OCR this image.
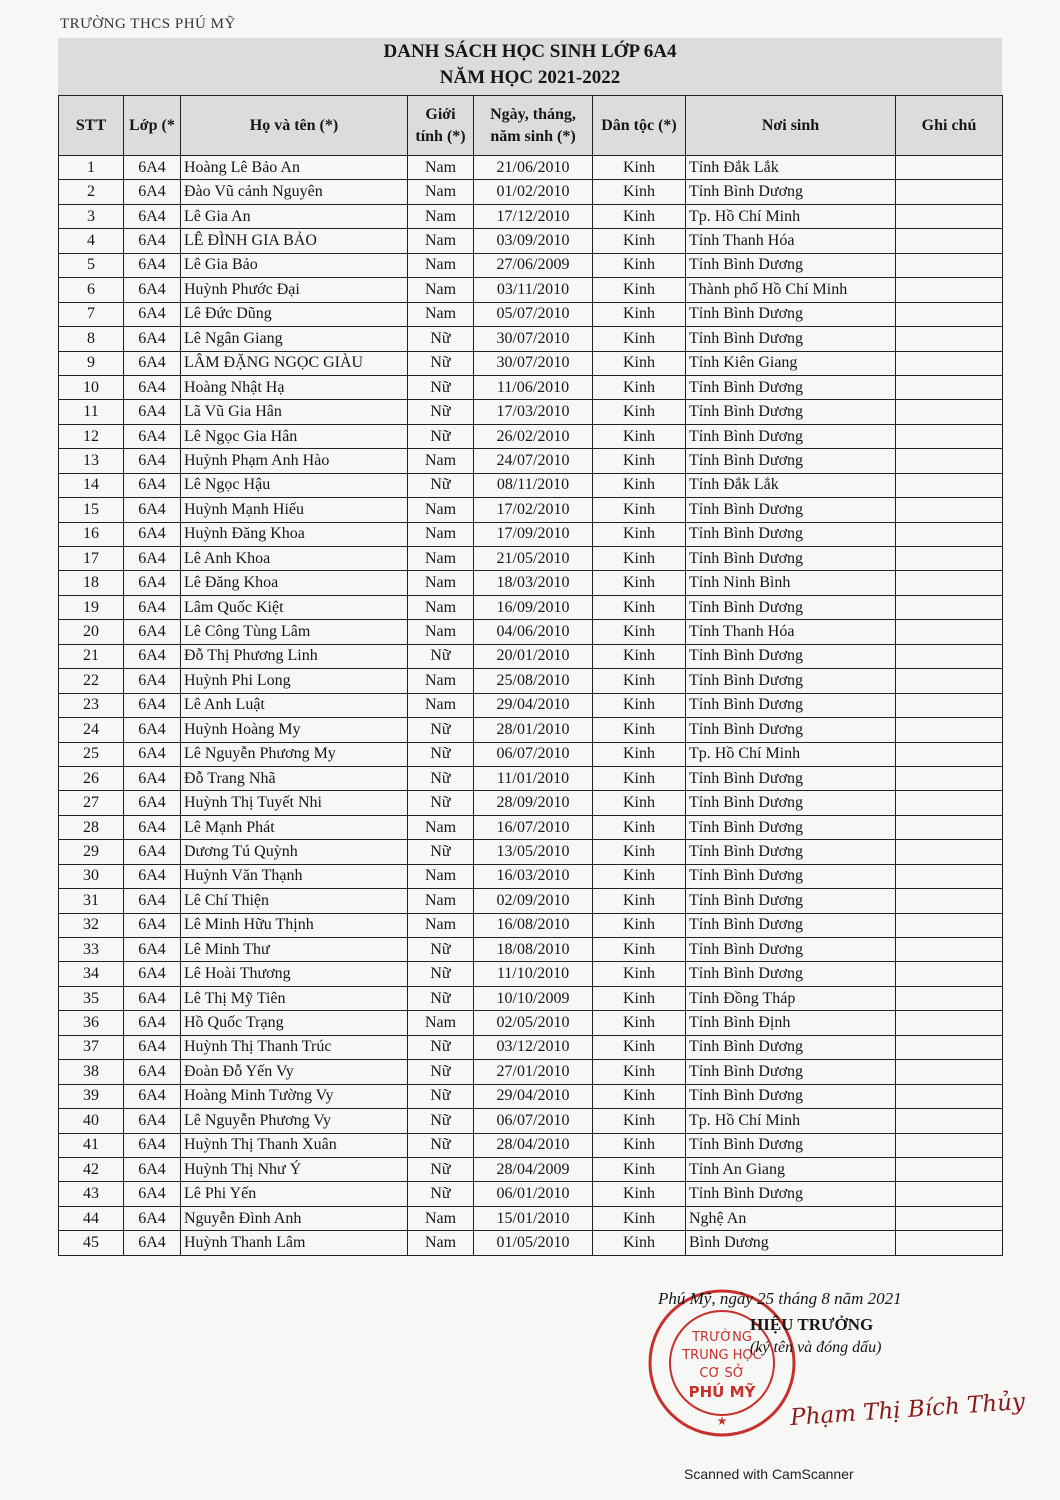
TRƯỜNG THCS PHÚ MỸ
DANH SÁCH HỌC SINH LỚP 6A4
NĂM HỌC 2021-2022
STT	Lớp (*	Họ và tên (*)	Giới tính (*)	Ngày, tháng, năm sinh (*)	Dân tộc (*)	Nơi sinh	Ghi chú
1	6A4	Hoàng Lê Bảo An	Nam	21/06/2010	Kinh	Tỉnh Đắk Lắk	
2	6A4	Đào Vũ cảnh Nguyên	Nam	01/02/2010	Kinh	Tỉnh Bình Dương	
3	6A4	Lê Gia An	Nam	17/12/2010	Kinh	Tp. Hồ Chí Minh	
4	6A4	LÊ ĐÌNH GIA BẢO	Nam	03/09/2010	Kinh	Tỉnh Thanh Hóa	
5	6A4	Lê Gia Bảo	Nam	27/06/2009	Kinh	Tỉnh Bình Dương	
6	6A4	Huỳnh Phước Đại	Nam	03/11/2010	Kinh	Thành phố Hồ Chí Minh	
7	6A4	Lê Đức Dũng	Nam	05/07/2010	Kinh	Tỉnh Bình Dương	
8	6A4	Lê Ngân Giang	Nữ	30/07/2010	Kinh	Tỉnh Bình Dương	
9	6A4	LÂM ĐẶNG NGỌC GIÀU	Nữ	30/07/2010	Kinh	Tỉnh Kiên Giang	
10	6A4	Hoàng Nhật Hạ	Nữ	11/06/2010	Kinh	Tỉnh Bình Dương	
11	6A4	Lã Vũ Gia Hân	Nữ	17/03/2010	Kinh	Tỉnh Bình Dương	
12	6A4	Lê Ngọc Gia Hân	Nữ	26/02/2010	Kinh	Tỉnh Bình Dương	
13	6A4	Huỳnh Phạm Anh Hào	Nam	24/07/2010	Kinh	Tỉnh Bình Dương	
14	6A4	Lê Ngọc Hậu	Nữ	08/11/2010	Kinh	Tỉnh Đắk Lắk	
15	6A4	Huỳnh Mạnh Hiếu	Nam	17/02/2010	Kinh	Tỉnh Bình Dương	
16	6A4	Huỳnh Đăng Khoa	Nam	17/09/2010	Kinh	Tỉnh Bình Dương	
17	6A4	Lê Anh Khoa	Nam	21/05/2010	Kinh	Tỉnh Bình Dương	
18	6A4	Lê Đăng Khoa	Nam	18/03/2010	Kinh	Tỉnh Ninh Bình	
19	6A4	Lâm Quốc Kiệt	Nam	16/09/2010	Kinh	Tỉnh Bình Dương	
20	6A4	Lê Công Tùng Lâm	Nam	04/06/2010	Kinh	Tỉnh Thanh Hóa	
21	6A4	Đỗ Thị Phương Linh	Nữ	20/01/2010	Kinh	Tỉnh Bình Dương	
22	6A4	Huỳnh Phi Long	Nam	25/08/2010	Kinh	Tỉnh Bình Dương	
23	6A4	Lê Anh Luật	Nam	29/04/2010	Kinh	Tỉnh Bình Dương	
24	6A4	Huỳnh Hoàng My	Nữ	28/01/2010	Kinh	Tỉnh Bình Dương	
25	6A4	Lê Nguyễn Phương My	Nữ	06/07/2010	Kinh	Tp. Hồ Chí Minh	
26	6A4	Đỗ Trang Nhã	Nữ	11/01/2010	Kinh	Tỉnh Bình Dương	
27	6A4	Huỳnh Thị Tuyết Nhi	Nữ	28/09/2010	Kinh	Tỉnh Bình Dương	
28	6A4	Lê Mạnh Phát	Nam	16/07/2010	Kinh	Tỉnh Bình Dương	
29	6A4	Dương Tú Quỳnh	Nữ	13/05/2010	Kinh	Tỉnh Bình Dương	
30	6A4	Huỳnh Văn Thạnh	Nam	16/03/2010	Kinh	Tỉnh Bình Dương	
31	6A4	Lê Chí Thiện	Nam	02/09/2010	Kinh	Tỉnh Bình Dương	
32	6A4	Lê Minh Hữu Thịnh	Nam	16/08/2010	Kinh	Tỉnh Bình Dương	
33	6A4	Lê Minh Thư	Nữ	18/08/2010	Kinh	Tỉnh Bình Dương	
34	6A4	Lê Hoài Thương	Nữ	11/10/2010	Kinh	Tỉnh Bình Dương	
35	6A4	Lê Thị Mỹ Tiên	Nữ	10/10/2009	Kinh	Tỉnh Đồng Tháp	
36	6A4	Hồ Quốc Trạng	Nam	02/05/2010	Kinh	Tỉnh Bình Định	
37	6A4	Huỳnh Thị Thanh Trúc	Nữ	03/12/2010	Kinh	Tỉnh Bình Dương	
38	6A4	Đoàn Đỗ Yến Vy	Nữ	27/01/2010	Kinh	Tỉnh Bình Dương	
39	6A4	Hoàng Minh Tường Vy	Nữ	29/04/2010	Kinh	Tỉnh Bình Dương	
40	6A4	Lê Nguyễn Phương Vy	Nữ	06/07/2010	Kinh	Tp. Hồ Chí Minh	
41	6A4	Huỳnh Thị Thanh Xuân	Nữ	28/04/2010	Kinh	Tỉnh Bình Dương	
42	6A4	Huỳnh Thị Như Ý	Nữ	28/04/2009	Kinh	Tỉnh An Giang	
43	6A4	Lê Phi Yến	Nữ	06/01/2010	Kinh	Tỉnh Bình Dương	
44	6A4	Nguyễn Đình Anh	Nam	15/01/2010	Kinh	Nghệ An	
45	6A4	Huỳnh Thanh Lâm	Nam	01/05/2010	Kinh	Bình Dương	
TRƯỜNG
TRUNG HỌC
CƠ SỞ
PHÚ MỸ
★
Phú Mỹ, ngày 25 tháng 8 năm 2021
HIỆU TRƯỞNG
(ký tên và đóng dấu)
Phạm Thị Bích Thủy
Scanned with CamScanner
